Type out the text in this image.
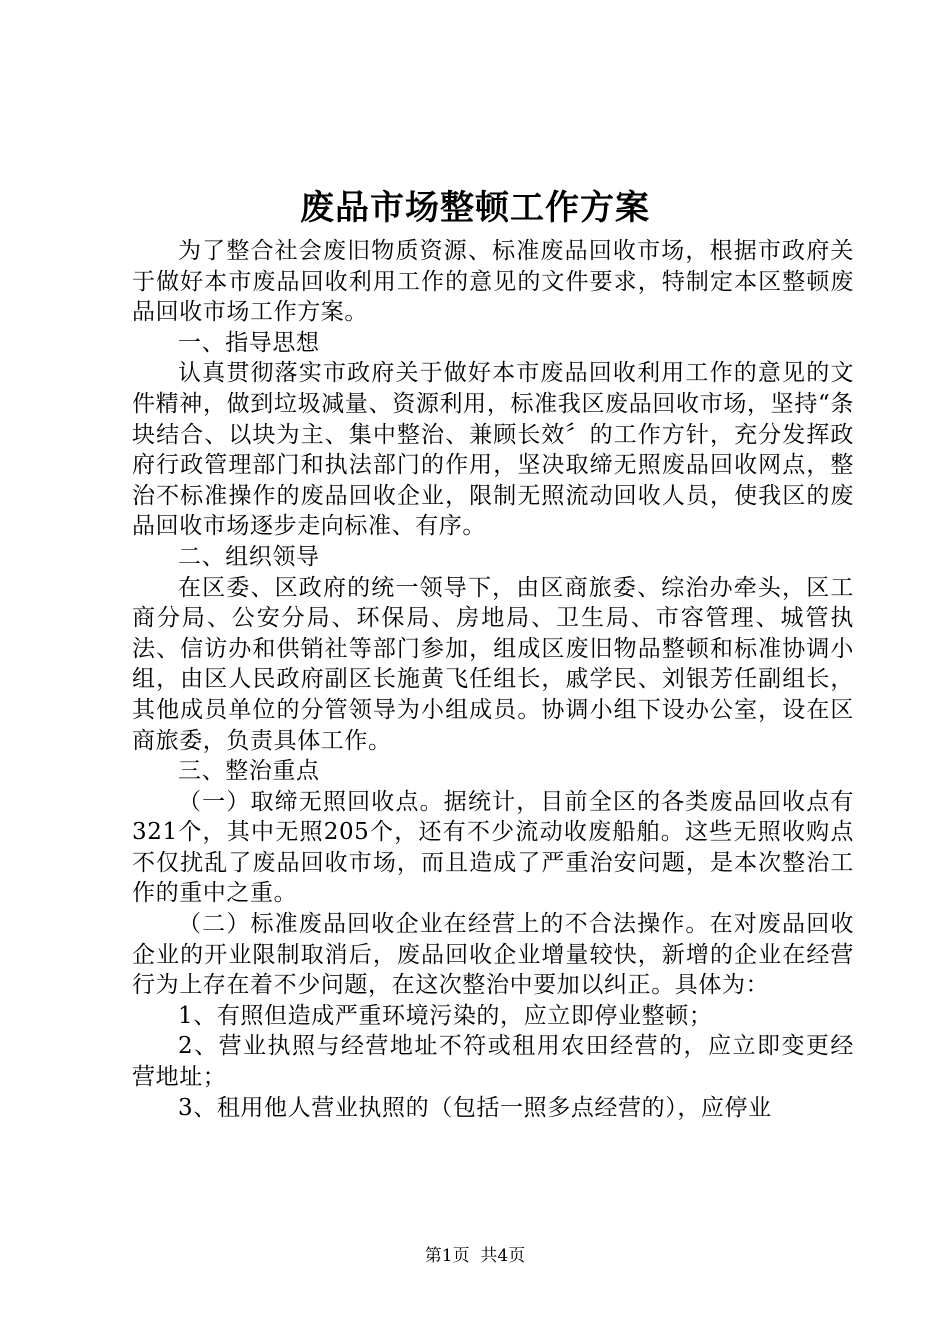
废品市场整顿工作方案

为了整合社会废旧物质资源、标准废品回收市场，根据市政府关于做好本市废品回收利用工作的意见的文件要求，特制定本区整顿废品回收市场工作方案。

一、指导思想

认真贯彻落实市政府关于做好本市废品回收利用工作的意见的文件精神，做到垃圾减量、资源利用，标准我区废品回收市场，坚持“条块结合、以块为主、集中整治、兼顾长效〞的工作方针，充分发挥政府行政管理部门和执法部门的作用，坚决取缔无照废品回收网点，整治不标准操作的废品回收企业，限制无照流动回收人员，使我区的废品回收市场逐步走向标准、有序。

二、组织领导

在区委、区政府的统一领导下，由区商旅委、综治办牵头，区工商分局、公安分局、环保局、房地局、卫生局、市容管理、城管执法、信访办和供销社等部门参加，组成区废旧物品整顿和标准协调小组，由区人民政府副区长施黄飞任组长，戚学民、刘银芳任副组长，其他成员单位的分管领导为小组成员。协调小组下设办公室，设在区商旅委，负责具体工作。

三、整治重点

（一）取缔无照回收点。据统计，目前全区的各类废品回收点有321个，其中无照205个，还有不少流动收废船舶。这些无照收购点不仅扰乱了废品回收市场，而且造成了严重治安问题，是本次整治工作的重中之重。

（二）标准废品回收企业在经营上的不合法操作。在对废品回收企业的开业限制取消后，废品回收企业增量较快，新增的企业在经营行为上存在着不少问题，在这次整治中要加以纠正。具体为：

1、有照但造成严重环境污染的，应立即停业整顿；

2、营业执照与经营地址不符或租用农田经营的，应立即变更经营地址；

3、租用他人营业执照的（包括一照多点经营的），应停业

第1页  共4页
